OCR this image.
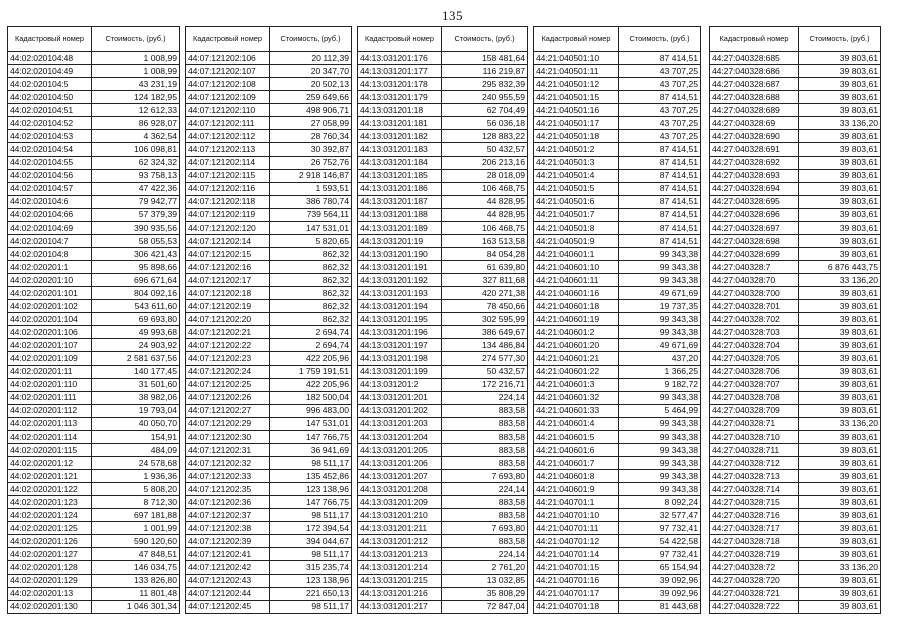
135
Кадастровый номер	Стоимость, (руб.)
44:02:020104:48	1 008,99
44:02:020104:49	1 008,99
44:02:020104:5	43 231,19
44:02:020104:50	124 182,95
44:02:020104:51	12 612,33
44:02:020104:52	86 928,07
44:02:020104:53	4 362,54
44:02:020104:54	106 098,81
44:02:020104:55	62 324,32
44:02:020104:56	93 758,13
44:02:020104:57	47 422,36
44:02:020104:6	79 942,77
44:02:020104:66	57 379,39
44:02:020104:69	390 935,56
44:02:020104:7	58 055,53
44:02:020104:8	306 421,43
44:02:020201:1	95 898,66
44:02:020201:10	696 671,64
44:02:020201:101	804 092,16
44:02:020201:102	543 611,60
44:02:020201:104	69 693,80
44:02:020201:106	49 993,68
44:02:020201:107	24 903,92
44:02:020201:109	2 581 637,56
44:02:020201:11	140 177,45
44:02:020201:110	31 501,60
44:02:020201:111	38 982,06
44:02:020201:112	19 793,04
44:02:020201:113	40 050,70
44:02:020201:114	154,91
44:02:020201:115	484,09
44:02:020201:12	24 578,68
44:02:020201:121	1 936,36
44:02:020201:122	5 808,20
44:02:020201:123	8 712,30
44:02:020201:124	697 181,88
44:02:020201:125	1 001,99
44:02:020201:126	590 120,60
44:02:020201:127	47 848,51
44:02:020201:128	146 034,75
44:02:020201:129	133 826,80
44:02:020201:13	11 801,48
44:02:020201:130	1 046 301,34
Кадастровый номер	Стоимость, (руб.)
44:07:121202:106	20 112,39
44:07:121202:107	20 347,70
44:07:121202:108	20 502,13
44:07:121202:109	259 649,66
44:07:121202:110	498 906,71
44:07:121202:111	27 058,99
44:07:121202:112	28 760,34
44:07:121202:113	30 392,87
44:07:121202:114	26 752,76
44:07:121202:115	2 918 146,87
44:07:121202:116	1 593,51
44:07:121202:118	386 780,74
44:07:121202:119	739 564,11
44:07:121202:120	147 531,01
44:07:121202:14	5 820,65
44:07:121202:15	862,32
44:07:121202:16	862,32
44:07:121202:17	862,32
44:07:121202:18	862,32
44:07:121202:19	862,32
44:07:121202:20	862,32
44:07:121202:21	2 694,74
44:07:121202:22	2 694,74
44:07:121202:23	422 205,96
44:07:121202:24	1 759 191,51
44:07:121202:25	422 205,96
44:07:121202:26	182 500,04
44:07:121202:27	996 483,00
44:07:121202:29	147 531,01
44:07:121202:30	147 766,75
44:07:121202:31	36 941,69
44:07:121202:32	98 511,17
44:07:121202:33	135 452,86
44:07:121202:35	123 138,96
44:07:121202:36	147 766,75
44:07:121202:37	98 511,17
44:07:121202:38	172 394,54
44:07:121202:39	394 044,67
44:07:121202:41	98 511,17
44:07:121202:42	315 235,74
44:07:121202:43	123 138,96
44:07:121202:44	221 650,13
44:07:121202:45	98 511,17
Кадастровый номер	Стоимость, (руб.)
44:13:031201:176	158 481,64
44:13:031201:177	116 219,87
44:13:031201:178	295 832,39
44:13:031201:179	240 955,59
44:13:031201:18	62 704,49
44:13:031201:181	56 036,18
44:13:031201:182	128 883,22
44:13:031201:183	50 432,57
44:13:031201:184	206 213,16
44:13:031201:185	28 018,09
44:13:031201:186	106 468,75
44:13:031201:187	44 828,95
44:13:031201:188	44 828,95
44:13:031201:189	106 468,75
44:13:031201:19	163 513,58
44:13:031201:190	84 054,28
44:13:031201:191	61 639,80
44:13:031201:192	327 811,68
44:13:031201:193	420 271,38
44:13:031201:194	78 450,66
44:13:031201:195	302 595,99
44:13:031201:196	386 649,67
44:13:031201:197	134 486,84
44:13:031201:198	274 577,30
44:13:031201:199	50 432,57
44:13:031201:2	172 216,71
44:13:031201:201	224,14
44:13:031201:202	883,58
44:13:031201:203	883,58
44:13:031201:204	883,58
44:13:031201:205	883,58
44:13:031201:206	883,58
44:13:031201:207	7 693,80
44:13:031201:208	224,14
44:13:031201:209	883,58
44:13:031201:210	883,58
44:13:031201:211	7 693,80
44:13:031201:212	883,58
44:13:031201:213	224,14
44:13:031201:214	2 761,20
44:13:031201:215	13 032,85
44:13:031201:216	35 808,29
44:13:031201:217	72 847,04
Кадастровый номер	Стоимость, (руб.)
44:21:040501:10	87 414,51
44:21:040501:11	43 707,25
44:21:040501:12	43 707,25
44:21:040501:15	87 414,51
44:21:040501:16	43 707,25
44:21:040501:17	43 707,25
44:21:040501:18	43 707,25
44:21:040501:2	87 414,51
44:21:040501:3	87 414,51
44:21:040501:4	87 414,51
44:21:040501:5	87 414,51
44:21:040501:6	87 414,51
44:21:040501:7	87 414,51
44:21:040501:8	87 414,51
44:21:040501:9	87 414,51
44:21:040601:1	99 343,38
44:21:040601:10	99 343,38
44:21:040601:11	99 343,38
44:21:040601:16	49 671,69
44:21:040601:18	19 737,35
44:21:040601:19	99 343,38
44:21:040601:2	99 343,38
44:21:040601:20	49 671,69
44:21:040601:21	437,20
44:21:040601:22	1 366,25
44:21:040601:3	9 182,72
44:21:040601:32	99 343,38
44:21:040601:33	5 464,99
44:21:040601:4	99 343,38
44:21:040601:5	99 343,38
44:21:040601:6	99 343,38
44:21:040601:7	99 343,38
44:21:040601:8	99 343,38
44:21:040601:9	99 343,38
44:21:040701:1	8 092,24
44:21:040701:10	32 577,47
44:21:040701:11	97 732,41
44:21:040701:12	54 422,58
44:21:040701:14	97 732,41
44:21:040701:15	65 154,94
44:21:040701:16	39 092,96
44:21:040701:17	39 092,96
44:21:040701:18	81 443,68
Кадастровый номер	Стоимость, (руб.)
44:27:040328:685	39 803,61
44:27:040328:686	39 803,61
44:27:040328:687	39 803,61
44:27:040328:688	39 803,61
44:27:040328:689	39 803,61
44:27:040328:69	33 136,20
44:27:040328:690	39 803,61
44:27:040328:691	39 803,61
44:27:040328:692	39 803,61
44:27:040328:693	39 803,61
44:27:040328:694	39 803,61
44:27:040328:695	39 803,61
44:27:040328:696	39 803,61
44:27:040328:697	39 803,61
44:27:040328:698	39 803,61
44:27:040328:699	39 803,61
44:27:040328:7	6 876 443,75
44:27:040328:70	33 136,20
44:27:040328:700	39 803,61
44:27:040328:701	39 803,61
44:27:040328:702	39 803,61
44:27:040328:703	39 803,61
44:27:040328:704	39 803,61
44:27:040328:705	39 803,61
44:27:040328:706	39 803,61
44:27:040328:707	39 803,61
44:27:040328:708	39 803,61
44:27:040328:709	39 803,61
44:27:040328:71	33 136,20
44:27:040328:710	39 803,61
44:27:040328:711	39 803,61
44:27:040328:712	39 803,61
44:27:040328:713	39 803,61
44:27:040328:714	39 803,61
44:27:040328:715	39 803,61
44:27:040328:716	39 803,61
44:27:040328:717	39 803,61
44:27:040328:718	39 803,61
44:27:040328:719	39 803,61
44:27:040328:72	33 136,20
44:27:040328:720	39 803,61
44:27:040328:721	39 803,61
44:27:040328:722	39 803,61
